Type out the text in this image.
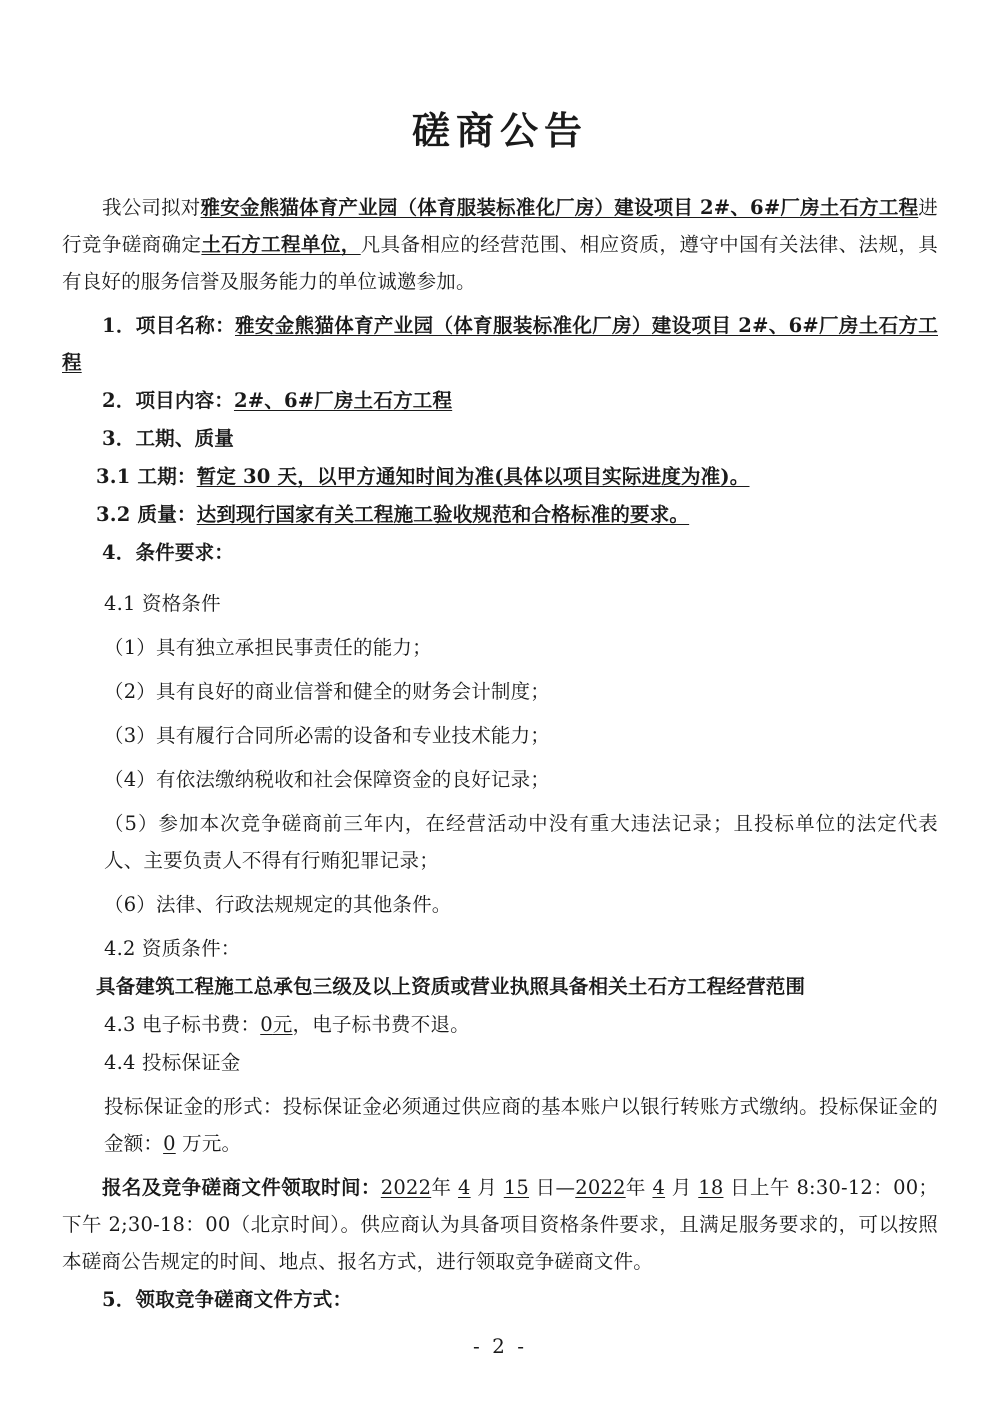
磋商公告

我公司拟对雅安金熊猫体育产业园（体育服装标准化厂房）建设项目 2#、6#厂房土石方工程进行竞争磋商确定土石方工程单位，凡具备相应的经营范围、相应资质，遵守中国有关法律、法规，具有良好的服务信誉及服务能力的单位诚邀参加。

1．项目名称：雅安金熊猫体育产业园（体育服装标准化厂房）建设项目 2#、6#厂房土石方工程

2．项目内容：2#、6#厂房土石方工程

3．工期、质量

3.1 工期：暂定 30 天，以甲方通知时间为准(具体以项目实际进度为准)。

3.2 质量：达到现行国家有关工程施工验收规范和合格标准的要求。

4．条件要求：

4.1 资格条件

（1）具有独立承担民事责任的能力；

（2）具有良好的商业信誉和健全的财务会计制度；

（3）具有履行合同所必需的设备和专业技术能力；

（4）有依法缴纳税收和社会保障资金的良好记录；

（5）参加本次竞争磋商前三年内，在经营活动中没有重大违法记录；且投标单位的法定代表人、主要负责人不得有行贿犯罪记录；

（6）法律、行政法规规定的其他条件。

4.2 资质条件：

具备建筑工程施工总承包三级及以上资质或营业执照具备相关土石方工程经营范围

4.3 电子标书费：0元，电子标书费不退。

4.4 投标保证金

投标保证金的形式：投标保证金必须通过供应商的基本账户以银行转账方式缴纳。投标保证金的金额：0 万元。

报名及竞争磋商文件领取时间：2022年 4 月 15 日—2022年 4 月 18 日上午 8:30-12：00；下午 2;30-18：00（北京时间）。供应商认为具备项目资格条件要求，且满足服务要求的，可以按照本磋商公告规定的时间、地点、报名方式，进行领取竞争磋商文件。

5．领取竞争磋商文件方式：

- 2 -
